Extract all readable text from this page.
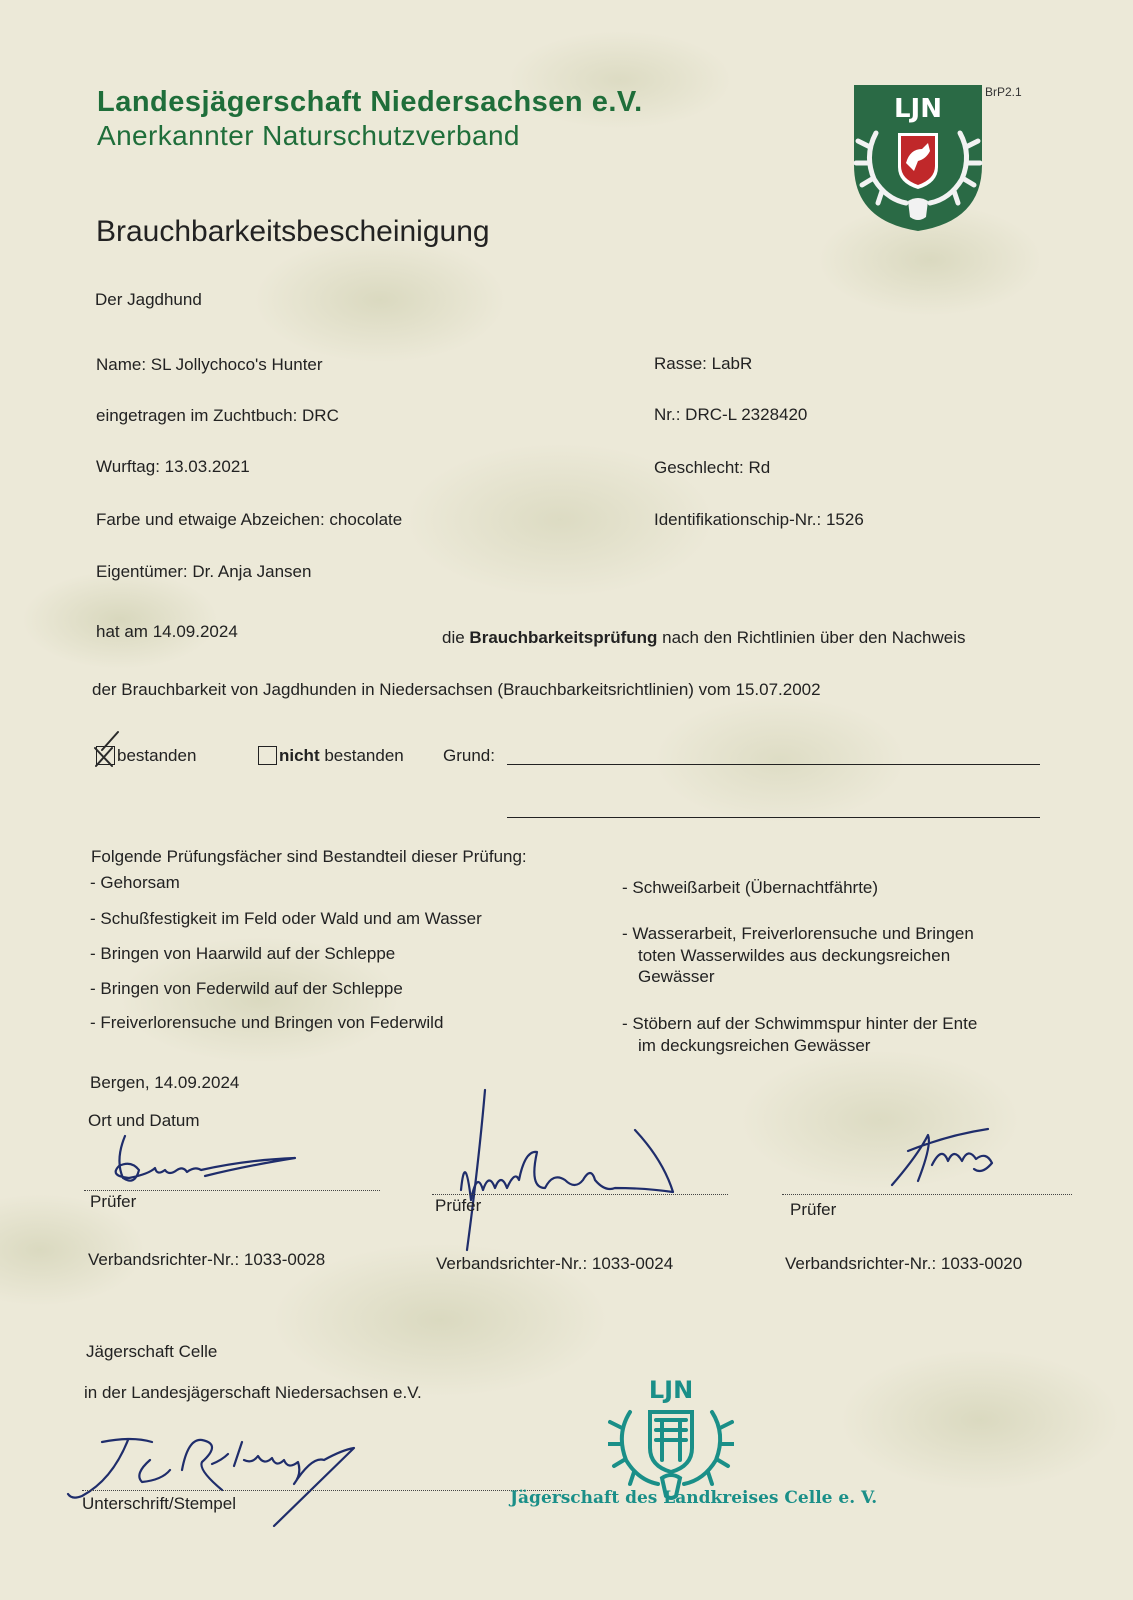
Landesjägerschaft Niedersachsen e.V.
Anerkannter Naturschutzverband
BrP2.1
LJN
Brauchbarkeitsbescheinigung
Der Jagdhund
Name: SL Jollychoco's Hunter	Rasse: LabR
eingetragen im Zuchtbuch: DRC	Nr.: DRC-L 2328420
Wurftag: 13.03.2021	Geschlecht: Rd
Farbe und etwaige Abzeichen: chocolate	Identifikationschip-Nr.: 1526
Eigentümer: Dr. Anja Jansen
hat am 14.09.2024	die Brauchbarkeitsprüfung nach den Richtlinien über den Nachweis
der Brauchbarkeit von Jagdhunden in Niedersachsen (Brauchbarkeitsrichtlinien) vom 15.07.2002
bestanden	nicht bestanden Grund:
Folgende Prüfungsfächer sind Bestandteil dieser Prüfung:
- Gehorsam
- Schußfestigkeit im Feld oder Wald und am Wasser
- Bringen von Haarwild auf der Schleppe
- Bringen von Federwild auf der Schleppe
- Freiverlorensuche und Bringen von Federwild
- Schweißarbeit (Übernachtfährte)
- Wasserarbeit, Freiverlorensuche und Bringen
toten Wasserwildes aus deckungsreichen
Gewässer
- Stöbern auf der Schwimmspur hinter der Ente
im deckungsreichen Gewässer
Bergen, 14.09.2024
Ort und Datum
Prüfer
Verbandsrichter-Nr.: 1033-0028
Prüfer
Verbandsrichter-Nr.: 1033-0024
Prüfer
Verbandsrichter-Nr.: 1033-0020
Jägerschaft Celle
in der Landesjägerschaft Niedersachsen e.V.
Unterschrift/Stempel
LJN
Jägerschaft des Landkreises Celle e. V.
